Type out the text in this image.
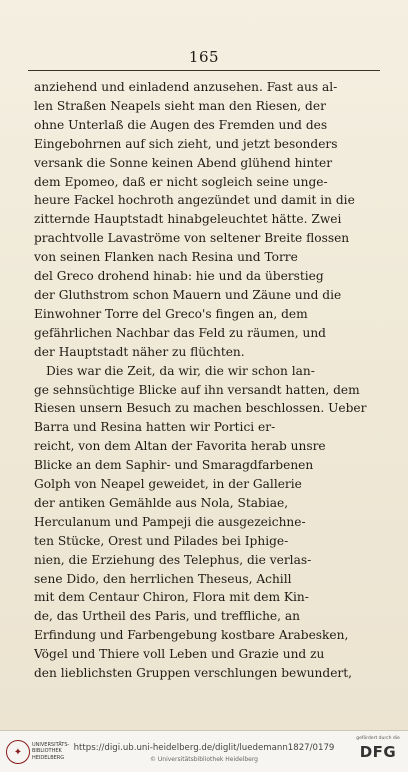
165
anziehend und einladend anzusehen. Fast aus al-
len Straßen Neapels sieht man den Riesen, der
ohne Unterlaß die Augen des Fremden und des
Eingebohrnen auf sich zieht, und jetzt besonders
versank die Sonne keinen Abend glühend hinter
dem Epomeo, daß er nicht sogleich seine unge-
heure Fackel hochroth angezündet und damit in die
zitternde Hauptstadt hinabgeleuchtet hätte. Zwei
prachtvolle Lavaströme von seltener Breite flossen
von seinen Flanken nach Resina und Torre
del Greco drohend hinab: hie und da überstieg
der Gluthstrom schon Mauern und Zäune und die
Einwohner Torre del Greco's fingen an, dem
gefährlichen Nachbar das Feld zu räumen, und
der Hauptstadt näher zu flüchten.
Dies war die Zeit, da wir, die wir schon lan-
ge sehnsüchtige Blicke auf ihn versandt hatten, dem
Riesen unsern Besuch zu machen beschlossen. Ueber
Barra und Resina hatten wir Portici er-
reicht, von dem Altan der Favorita herab unsre
Blicke an dem Saphir- und Smaragdfarbenen
Golph von Neapel geweidet, in der Gallerie
der antiken Gemählde aus Nola, Stabiae,
Herculanum und Pampeji die ausgezeichne-
ten Stücke, Orest und Pilades bei Iphige-
nien, die Erziehung des Telephus, die verlas-
sene Dido, den herrlichen Theseus, Achill
mit dem Centaur Chiron, Flora mit dem Kin-
de, das Urtheil des Paris, und treffliche, an
Erfindung und Farbengebung kostbare Arabesken,
Vögel und Thiere voll Leben und Grazie und zu
den lieblichsten Gruppen verschlungen bewundert,
✦
UNIVERSITÄTS-BIBLIOTHEK HEIDELBERG
https://digi.ub.uni-heidelberg.de/diglit/luedemann1827/0179
© Universitätsbibliothek Heidelberg
gefördert durch die
DFG
